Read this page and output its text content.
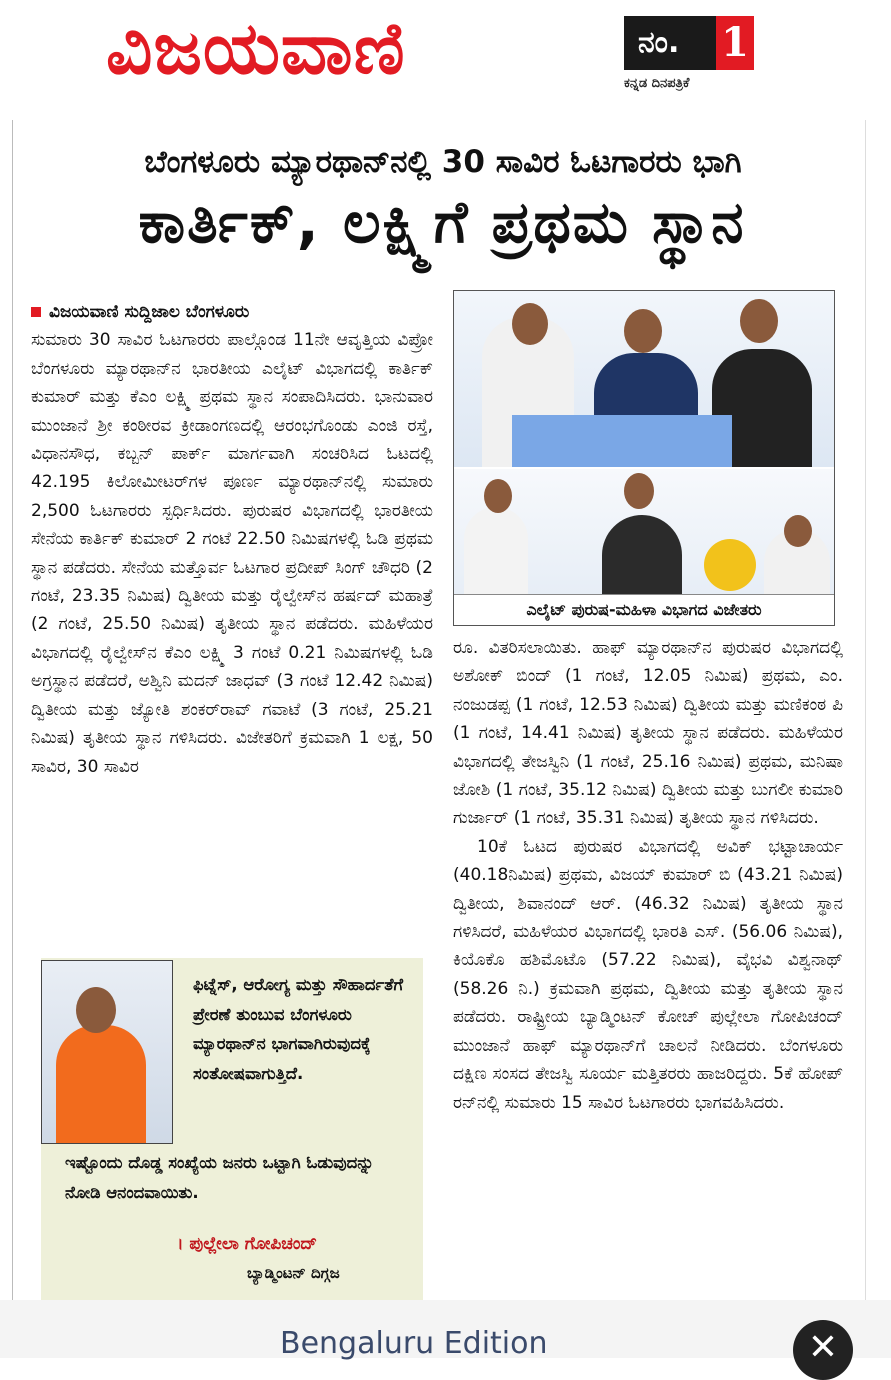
ವಿಜಯವಾಣಿ	ನಂ. 1
ಕನ್ನಡ ದಿನಪತ್ರಿಕೆ
ಬೆಂಗಳೂರು ಮ್ಯಾರಥಾನ್‌ನಲ್ಲಿ 30 ಸಾವಿರ ಓಟಗಾರರು ಭಾಗಿ
ಕಾರ್ತಿಕ್, ಲಕ್ಷ್ಮಿಗೆ ಪ್ರಥಮ ಸ್ಥಾನ

ವಿಜಯವಾಣಿ ಸುದ್ದಿಜಾಲ ಬೆಂಗಳೂರು

ಸುಮಾರು 30 ಸಾವಿರ ಓಟಗಾರರು ಪಾಲ್ಗೊಂಡ 11ನೇ ಆವೃತ್ತಿಯ ವಿಪ್ರೋ ಬೆಂಗಳೂರು ಮ್ಯಾರಥಾನ್‌ನ ಭಾರತೀಯ ಎಲೈಟ್ ವಿಭಾಗದಲ್ಲಿ ಕಾರ್ತಿಕ್ ಕುಮಾರ್ ಮತ್ತು ಕೆಎಂ ಲಕ್ಷ್ಮಿ ಪ್ರಥಮ ಸ್ಥಾನ ಸಂಪಾದಿಸಿದರು. ಭಾನುವಾರ ಮುಂಜಾನೆ ಶ್ರೀ ಕಂಠೀರವ ಕ್ರೀಡಾಂಗಣದಲ್ಲಿ ಆರಂಭಗೊಂಡು ಎಂಜಿ ರಸ್ತೆ, ವಿಧಾನಸೌಧ, ಕಬ್ಬನ್ ಪಾರ್ಕ್ ಮಾರ್ಗವಾಗಿ ಸಂಚರಿಸಿದ ಓಟದಲ್ಲಿ 42.195 ಕಿಲೋಮೀಟರ್‌ಗಳ ಪೂರ್ಣ ಮ್ಯಾರಥಾನ್‌ನಲ್ಲಿ ಸುಮಾರು 2,500 ಓಟಗಾರರು ಸ್ಪರ್ಧಿಸಿದರು. ಪುರುಷರ ವಿಭಾಗದಲ್ಲಿ ಭಾರತೀಯ ಸೇನೆಯ ಕಾರ್ತಿಕ್ ಕುಮಾರ್ 2 ಗಂಟೆ 22.50 ನಿಮಿಷಗಳಲ್ಲಿ ಓಡಿ ಪ್ರಥಮ ಸ್ಥಾನ ಪಡೆದರು. ಸೇನೆಯ ಮತ್ತೊರ್ವ ಓಟಗಾರ ಪ್ರದೀಪ್ ಸಿಂಗ್ ಚೌಧರಿ (2 ಗಂಟೆ, 23.35 ನಿಮಿಷ) ದ್ವಿತೀಯ ಮತ್ತು ರೈಲ್ವೇಸ್‌ನ ಹರ್ಷದ್ ಮಹಾತ್ರೆ (2 ಗಂಟೆ, 25.50 ನಿಮಿಷ) ತೃತೀಯ ಸ್ಥಾನ ಪಡೆದರು. ಮಹಿಳೆಯರ ವಿಭಾಗದಲ್ಲಿ ರೈಲ್ವೇಸ್‌ನ ಕೆಎಂ ಲಕ್ಷ್ಮಿ 3 ಗಂಟೆ 0.21 ನಿಮಿಷಗಳಲ್ಲಿ ಓಡಿ ಅಗ್ರಸ್ಥಾನ ಪಡೆದರೆ, ಅಶ್ವಿನಿ ಮದನ್ ಜಾಧವ್ (3 ಗಂಟೆ 12.42 ನಿಮಿಷ) ದ್ವಿತೀಯ ಮತ್ತು ಜ್ಯೋತಿ ಶಂಕರ್‌ರಾವ್ ಗವಾಟೆ (3 ಗಂಟೆ, 25.21 ನಿಮಿಷ) ತೃತೀಯ ಸ್ಥಾನ ಗಳಿಸಿದರು. ವಿಜೇತರಿಗೆ ಕ್ರಮವಾಗಿ 1 ಲಕ್ಷ, 50 ಸಾವಿರ, 30 ಸಾವಿರ

ಎಲೈಟ್ ಪುರುಷ-ಮಹಿಳಾ ವಿಭಾಗದ ವಿಜೇತರು

ರೂ. ವಿತರಿಸಲಾಯಿತು. ಹಾಫ್ ಮ್ಯಾರಥಾನ್‌ನ ಪುರುಷರ ವಿಭಾಗದಲ್ಲಿ ಅಶೋಕ್ ಬಿಂದ್ (1 ಗಂಟೆ, 12.05 ನಿಮಿಷ) ಪ್ರಥಮ, ಎಂ. ನಂಜುಡಪ್ಪ (1 ಗಂಟೆ, 12.53 ನಿಮಿಷ) ದ್ವಿತೀಯ ಮತ್ತು ಮಣಿಕಂಠ ಪಿ (1 ಗಂಟೆ, 14.41 ನಿಮಿಷ) ತೃತೀಯ ಸ್ಥಾನ ಪಡೆದರು. ಮಹಿಳೆಯರ ವಿಭಾಗದಲ್ಲಿ ತೇಜಸ್ವಿನಿ (1 ಗಂಟೆ, 25.16 ನಿಮಿಷ) ಪ್ರಥಮ, ಮನಿಷಾ ಜೋಶಿ (1 ಗಂಟೆ, 35.12 ನಿಮಿಷ) ದ್ವಿತೀಯ ಮತ್ತು ಬುಗಲೀ ಕುಮಾರಿ ಗುರ್ಜಾರ್ (1 ಗಂಟೆ, 35.31 ನಿಮಿಷ) ತೃತೀಯ ಸ್ಥಾನ ಗಳಿಸಿದರು.

10ಕೆ ಓಟದ ಪುರುಷರ ವಿಭಾಗದಲ್ಲಿ ಅವಿಕ್ ಭಟ್ಟಾಚಾರ್ಯ (40.18ನಿಮಿಷ) ಪ್ರಥಮ, ವಿಜಯ್ ಕುಮಾರ್ ಬಿ (43.21 ನಿಮಿಷ) ದ್ವಿತೀಯ, ಶಿವಾನಂದ್ ಆರ್. (46.32 ನಿಮಿಷ) ತೃತೀಯ ಸ್ಥಾನ ಗಳಿಸಿದರೆ, ಮಹಿಳೆಯರ ವಿಭಾಗದಲ್ಲಿ ಭಾರತಿ ಎಸ್. (56.06 ನಿಮಿಷ), ಕಿಯೊಕೊ ಹಶಿಮೊಟೊ (57.22 ನಿಮಿಷ), ವೈಭವಿ ವಿಶ್ವನಾಥ್ (58.26 ನಿ.) ಕ್ರಮವಾಗಿ ಪ್ರಥಮ, ದ್ವಿತೀಯ ಮತ್ತು ತೃತೀಯ ಸ್ಥಾನ ಪಡೆದರು. ರಾಷ್ಟ್ರೀಯ ಬ್ಯಾಡ್ಮಿಂಟನ್ ಕೋಚ್ ಪುಲ್ಲೇಲಾ ಗೋಪಿಚಂದ್ ಮುಂಜಾನೆ ಹಾಫ್ ಮ್ಯಾರಥಾನ್‌ಗೆ ಚಾಲನೆ ನೀಡಿದರು. ಬೆಂಗಳೂರು ದಕ್ಷಿಣ ಸಂಸದ ತೇಜಸ್ವಿ ಸೂರ್ಯ ಮತ್ತಿತರರು ಹಾಜರಿದ್ದರು. 5ಕೆ ಹೋಪ್ ರನ್‌ನಲ್ಲಿ ಸುಮಾರು 15 ಸಾವಿರ ಓಟಗಾರರು ಭಾಗವಹಿಸಿದರು.

ಫಿಟ್ನೆಸ್, ಆರೋಗ್ಯ ಮತ್ತು ಸೌಹಾರ್ದತೆಗೆ ಪ್ರೇರಣೆ ತುಂಬುವ ಬೆಂಗಳೂರು ಮ್ಯಾರಥಾನ್‌ನ ಭಾಗವಾಗಿರುವುದಕ್ಕೆ ಸಂತೋಷವಾಗುತ್ತಿದೆ.
ಇಷ್ಟೊಂದು ದೊಡ್ಡ ಸಂಖ್ಯೆಯ ಜನರು ಒಟ್ಟಾಗಿ ಓಡುವುದನ್ನು ನೋಡಿ ಆನಂದವಾಯಿತು.
। ಪುಲ್ಲೇಲಾ ಗೋಪಿಚಂದ್
ಬ್ಯಾಡ್ಮಿಂಟನ್ ದಿಗ್ಗಜ
Bengaluru Edition	✕
